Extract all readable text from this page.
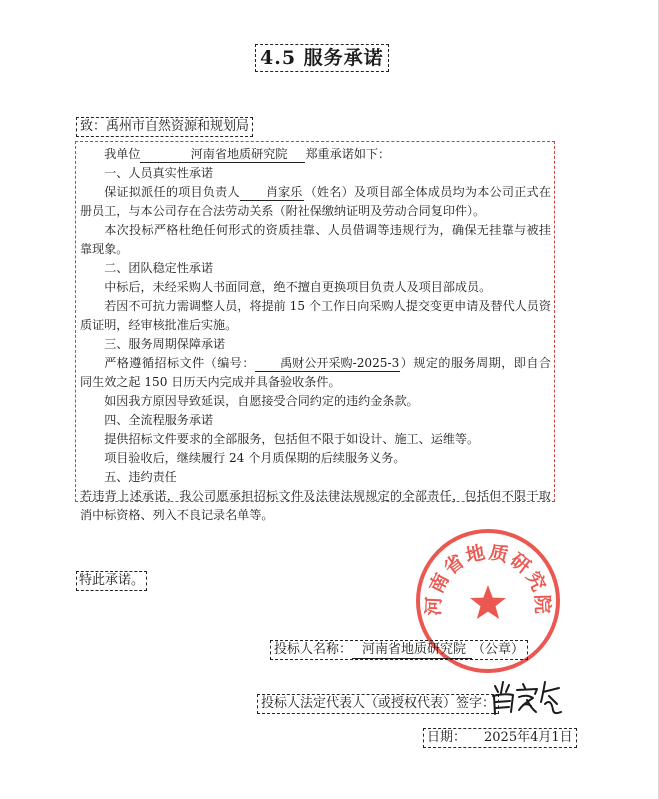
4.5 服务承诺
致：禹州市自然资源和规划局

我单位	河南省地质研究院 郑重承诺如下：

一、人员真实性承诺

保证拟派任的项目负责人 肖家乐 （姓名）及项目部全体成员均为本公司正式在册员工，与本公司存在合法劳动关系（附社保缴纳证明及劳动合同复印件）。

本次投标严格杜绝任何形式的资质挂靠、人员借调等违规行为，确保无挂靠与被挂靠现象。

二、团队稳定性承诺

中标后，未经采购人书面同意，绝不擅自更换项目负责人及项目部成员。

若因不可抗力需调整人员，将提前 15 个工作日向采购人提交变更申请及替代人员资质证明，经审核批准后实施。

三、服务周期保障承诺

严格遵循招标文件（编号： 禹财公开采购-2025-3）规定的服务周期，即自合同生效之起 150 日历天内完成并具备验收条件。

如因我方原因导致延误，自愿接受合同约定的违约金条款。

四、全流程服务承诺

提供招标文件要求的全部服务，包括但不限于如设计、施工、运维等。

项目验收后，继续履行 24 个月质保期的后续服务义务。

五、违约责任

若违背上述承诺，我公司愿承担招标文件及法律法规规定的全部责任，包括但不限于取消中标资格、列入不良记录名单等。

特此承诺。
河南省地质研究院
投标人名称： 河南省地质研究院 （公章）
投标人法定代表人（或授权代表）签字：
日期： 2025年4月1日
